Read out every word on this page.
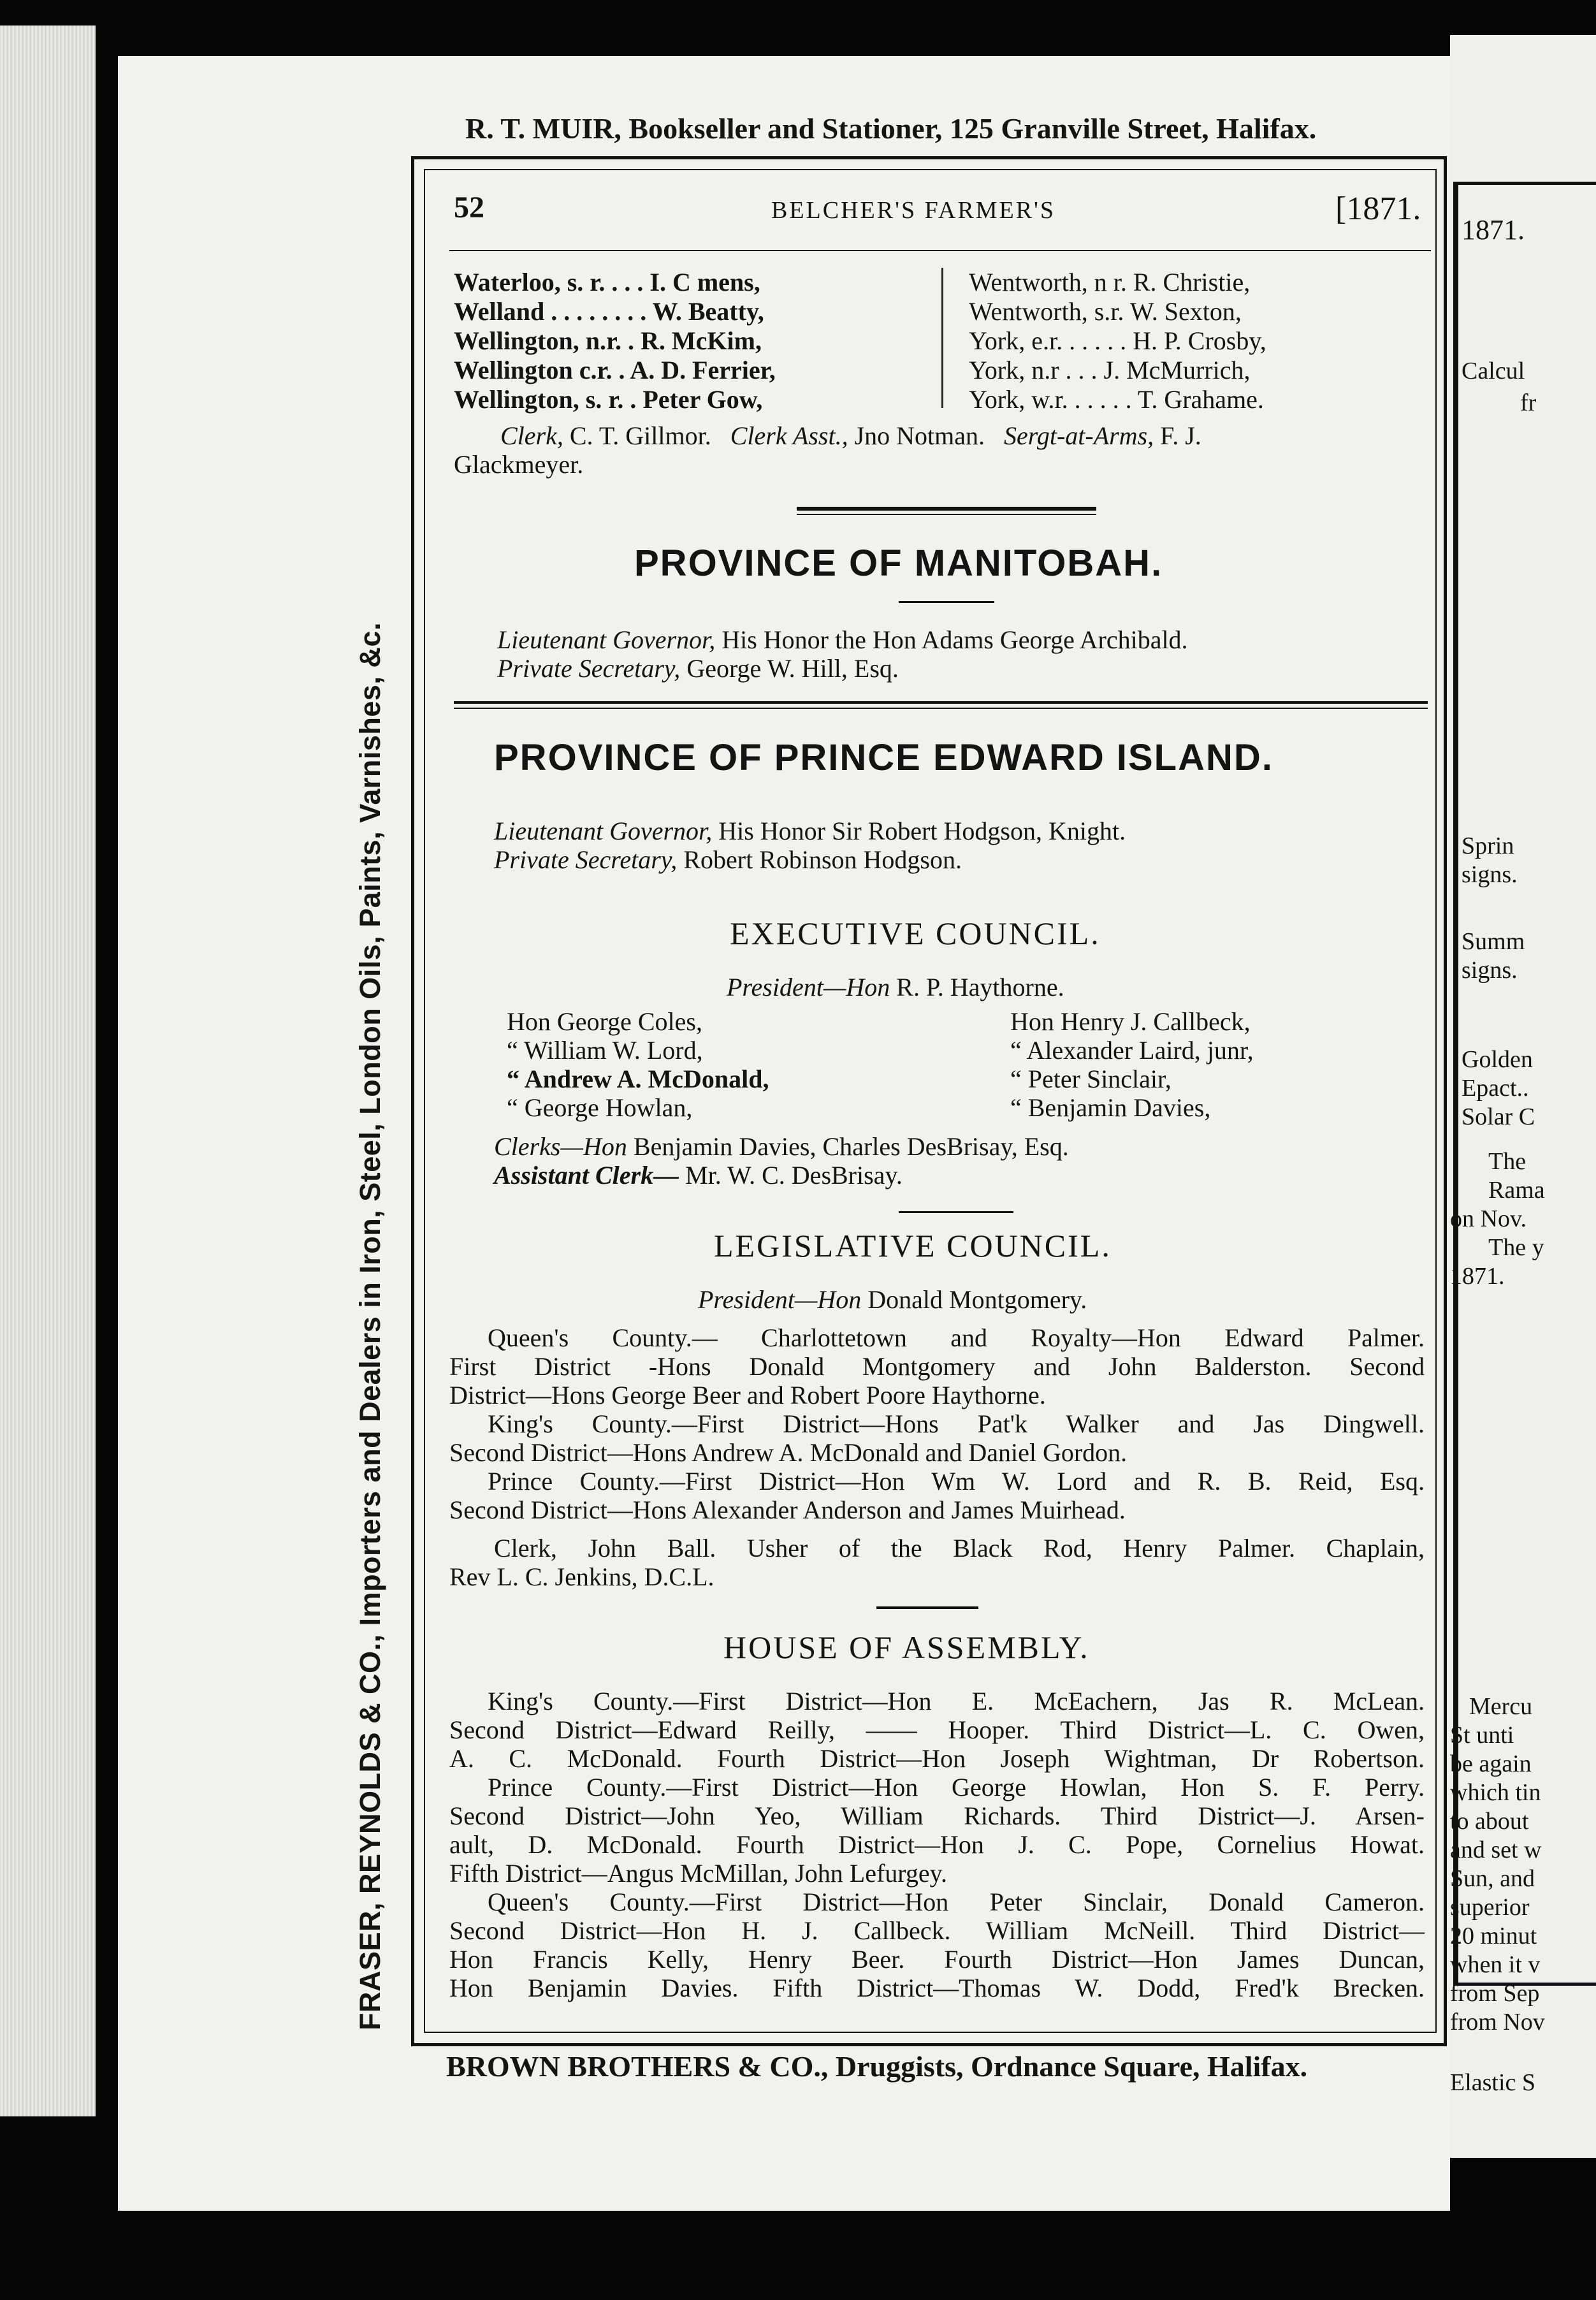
1871.
Calcul
fr
Sprin
signs.
Summ
signs.
Golden
Epact..
Solar C
The
Rama
on Nov.
The y
1871.
Mercu
St unti
be again
which tin
to about
and set w
Sun, and
superior
20 minut
when it v
from Sep
from Nov
Elastic S
R. T. MUIR, Bookseller and Stationer, 125 Granville Street, Halifax.
FRASER, REYNOLDS & CO., Importers and Dealers in Iron, Steel, London Oils, Paints, Varnishes, &c.
52	BELCHER'S FARMER'S	[1871.
Waterloo, s. r. . . . I. C mens,
Welland . . . . . . . . W. Beatty,
Wellington, n.r. . R. McKim,
Wellington c.r. . A. D. Ferrier,
Wellington, s. r. . Peter Gow,
Wentworth, n r. R. Christie,
Wentworth, s.r. W. Sexton,
York, e.r. . . . . . H. P. Crosby,
York, n.r . . . J. McMurrich,
York, w.r. . . . . . T. Grahame.
Clerk, C. T. Gillmor. Clerk Asst., Jno Notman. Sergt-at-Arms, F. J.
Glackmeyer.
PROVINCE OF MANITOBAH.
Lieutenant Governor, His Honor the Hon Adams George Archibald.
Private Secretary, George W. Hill, Esq.
PROVINCE OF PRINCE EDWARD ISLAND.
Lieutenant Governor, His Honor Sir Robert Hodgson, Knight.
Private Secretary, Robert Robinson Hodgson.
EXECUTIVE COUNCIL.
President—Hon R. P. Haythorne.
Hon George Coles,
“ William W. Lord,
“ Andrew A. McDonald,
“ George Howlan,
Hon Henry J. Callbeck,
“ Alexander Laird, junr,
“ Peter Sinclair,
“ Benjamin Davies,
Clerks—Hon Benjamin Davies, Charles DesBrisay, Esq.
Assistant Clerk— Mr. W. C. DesBrisay.
LEGISLATIVE COUNCIL.
President—Hon Donald Montgomery.
Queen's County.— Charlottetown and Royalty—Hon Edward Palmer.
First District -Hons Donald Montgomery and John Balderston. Second
District—Hons George Beer and Robert Poore Haythorne.
King's County.—First District—Hons Pat'k Walker and Jas Dingwell.
Second District—Hons Andrew A. McDonald and Daniel Gordon.
Prince County.—First District—Hon Wm W. Lord and R. B. Reid, Esq.
Second District—Hons Alexander Anderson and James Muirhead.
Clerk, John Ball. Usher of the Black Rod, Henry Palmer. Chaplain,
Rev L. C. Jenkins, D.C.L.
HOUSE OF ASSEMBLY.
King's County.—First District—Hon E. McEachern, Jas R. McLean.
Second District—Edward Reilly, —— Hooper. Third District—L. C. Owen,
A. C. McDonald. Fourth District—Hon Joseph Wightman, Dr Robertson.
Prince County.—First District—Hon George Howlan, Hon S. F. Perry.
Second District—John Yeo, William Richards. Third District—J. Arsen-
ault, D. McDonald. Fourth District—Hon J. C. Pope, Cornelius Howat.
Fifth District—Angus McMillan, John Lefurgey.
Queen's County.—First District—Hon Peter Sinclair, Donald Cameron.
Second District—Hon H. J. Callbeck. William McNeill. Third District—
Hon Francis Kelly, Henry Beer. Fourth District—Hon James Duncan,
Hon Benjamin Davies. Fifth District—Thomas W. Dodd, Fred'k Brecken.
BROWN BROTHERS & CO., Druggists, Ordnance Square, Halifax.
